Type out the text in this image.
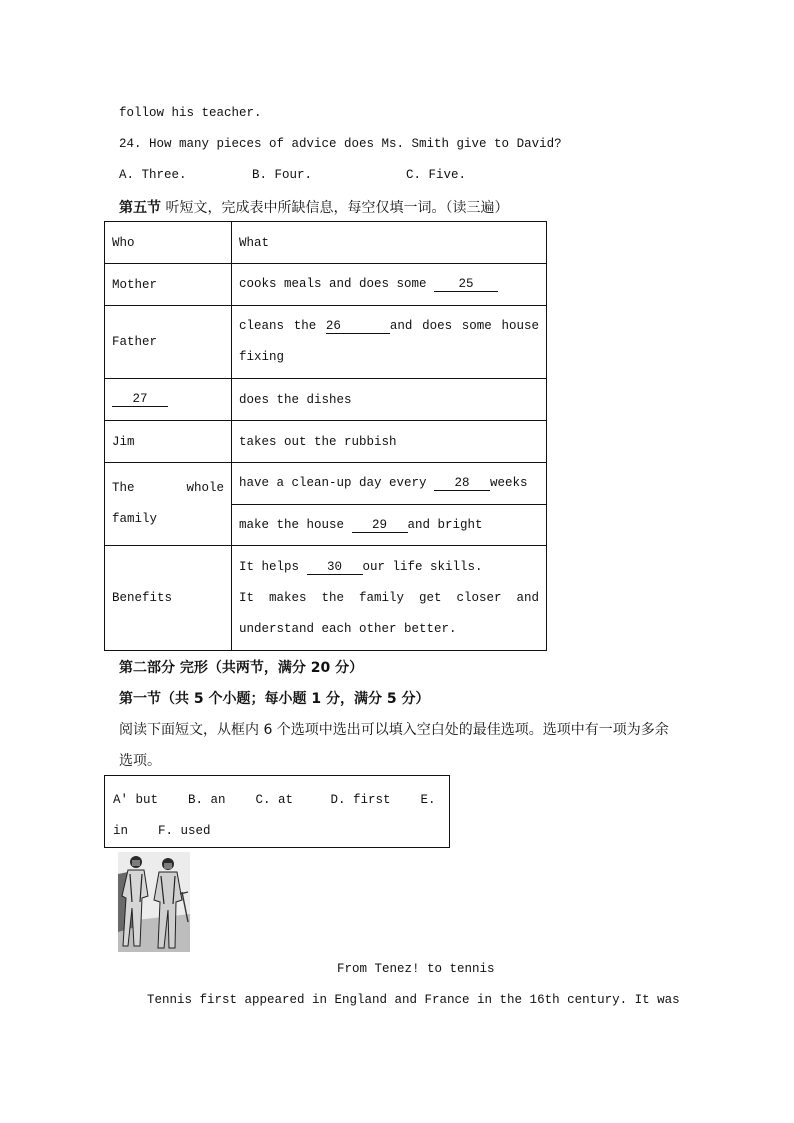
follow his teacher.
24. How many pieces of advice does Ms. Smith give to David?
A. Three.	B. Four.	C. Five.
第五节 听短文，完成表中所缺信息，每空仅填一词。（读三遍）
Who	What
Mother	cooks meals and does some 25
Father	cleans the 26 and does some house
fixing

27	does the dishes
Jim	takes out the rubbish

The whole
family	have a clean-up day every 28 weeks
	make the house 29 and bright
Benefits	It helps 30 our life skills.
It makes the family get closer and
understand each other better.
第二部分 完形（共两节，满分 20 分）
第一节（共 5 个小题；每小题 1 分，满分 5 分）
阅读下面短文，从框内 6 个选项中选出可以填入空白处的最佳选项。选项中有一项为多余
选项。
A' but    B. an    C. at     D. first    E.
in    F. used
From Tenez! to tennis
Tennis first appeared in England and France in the 16th century. It was
